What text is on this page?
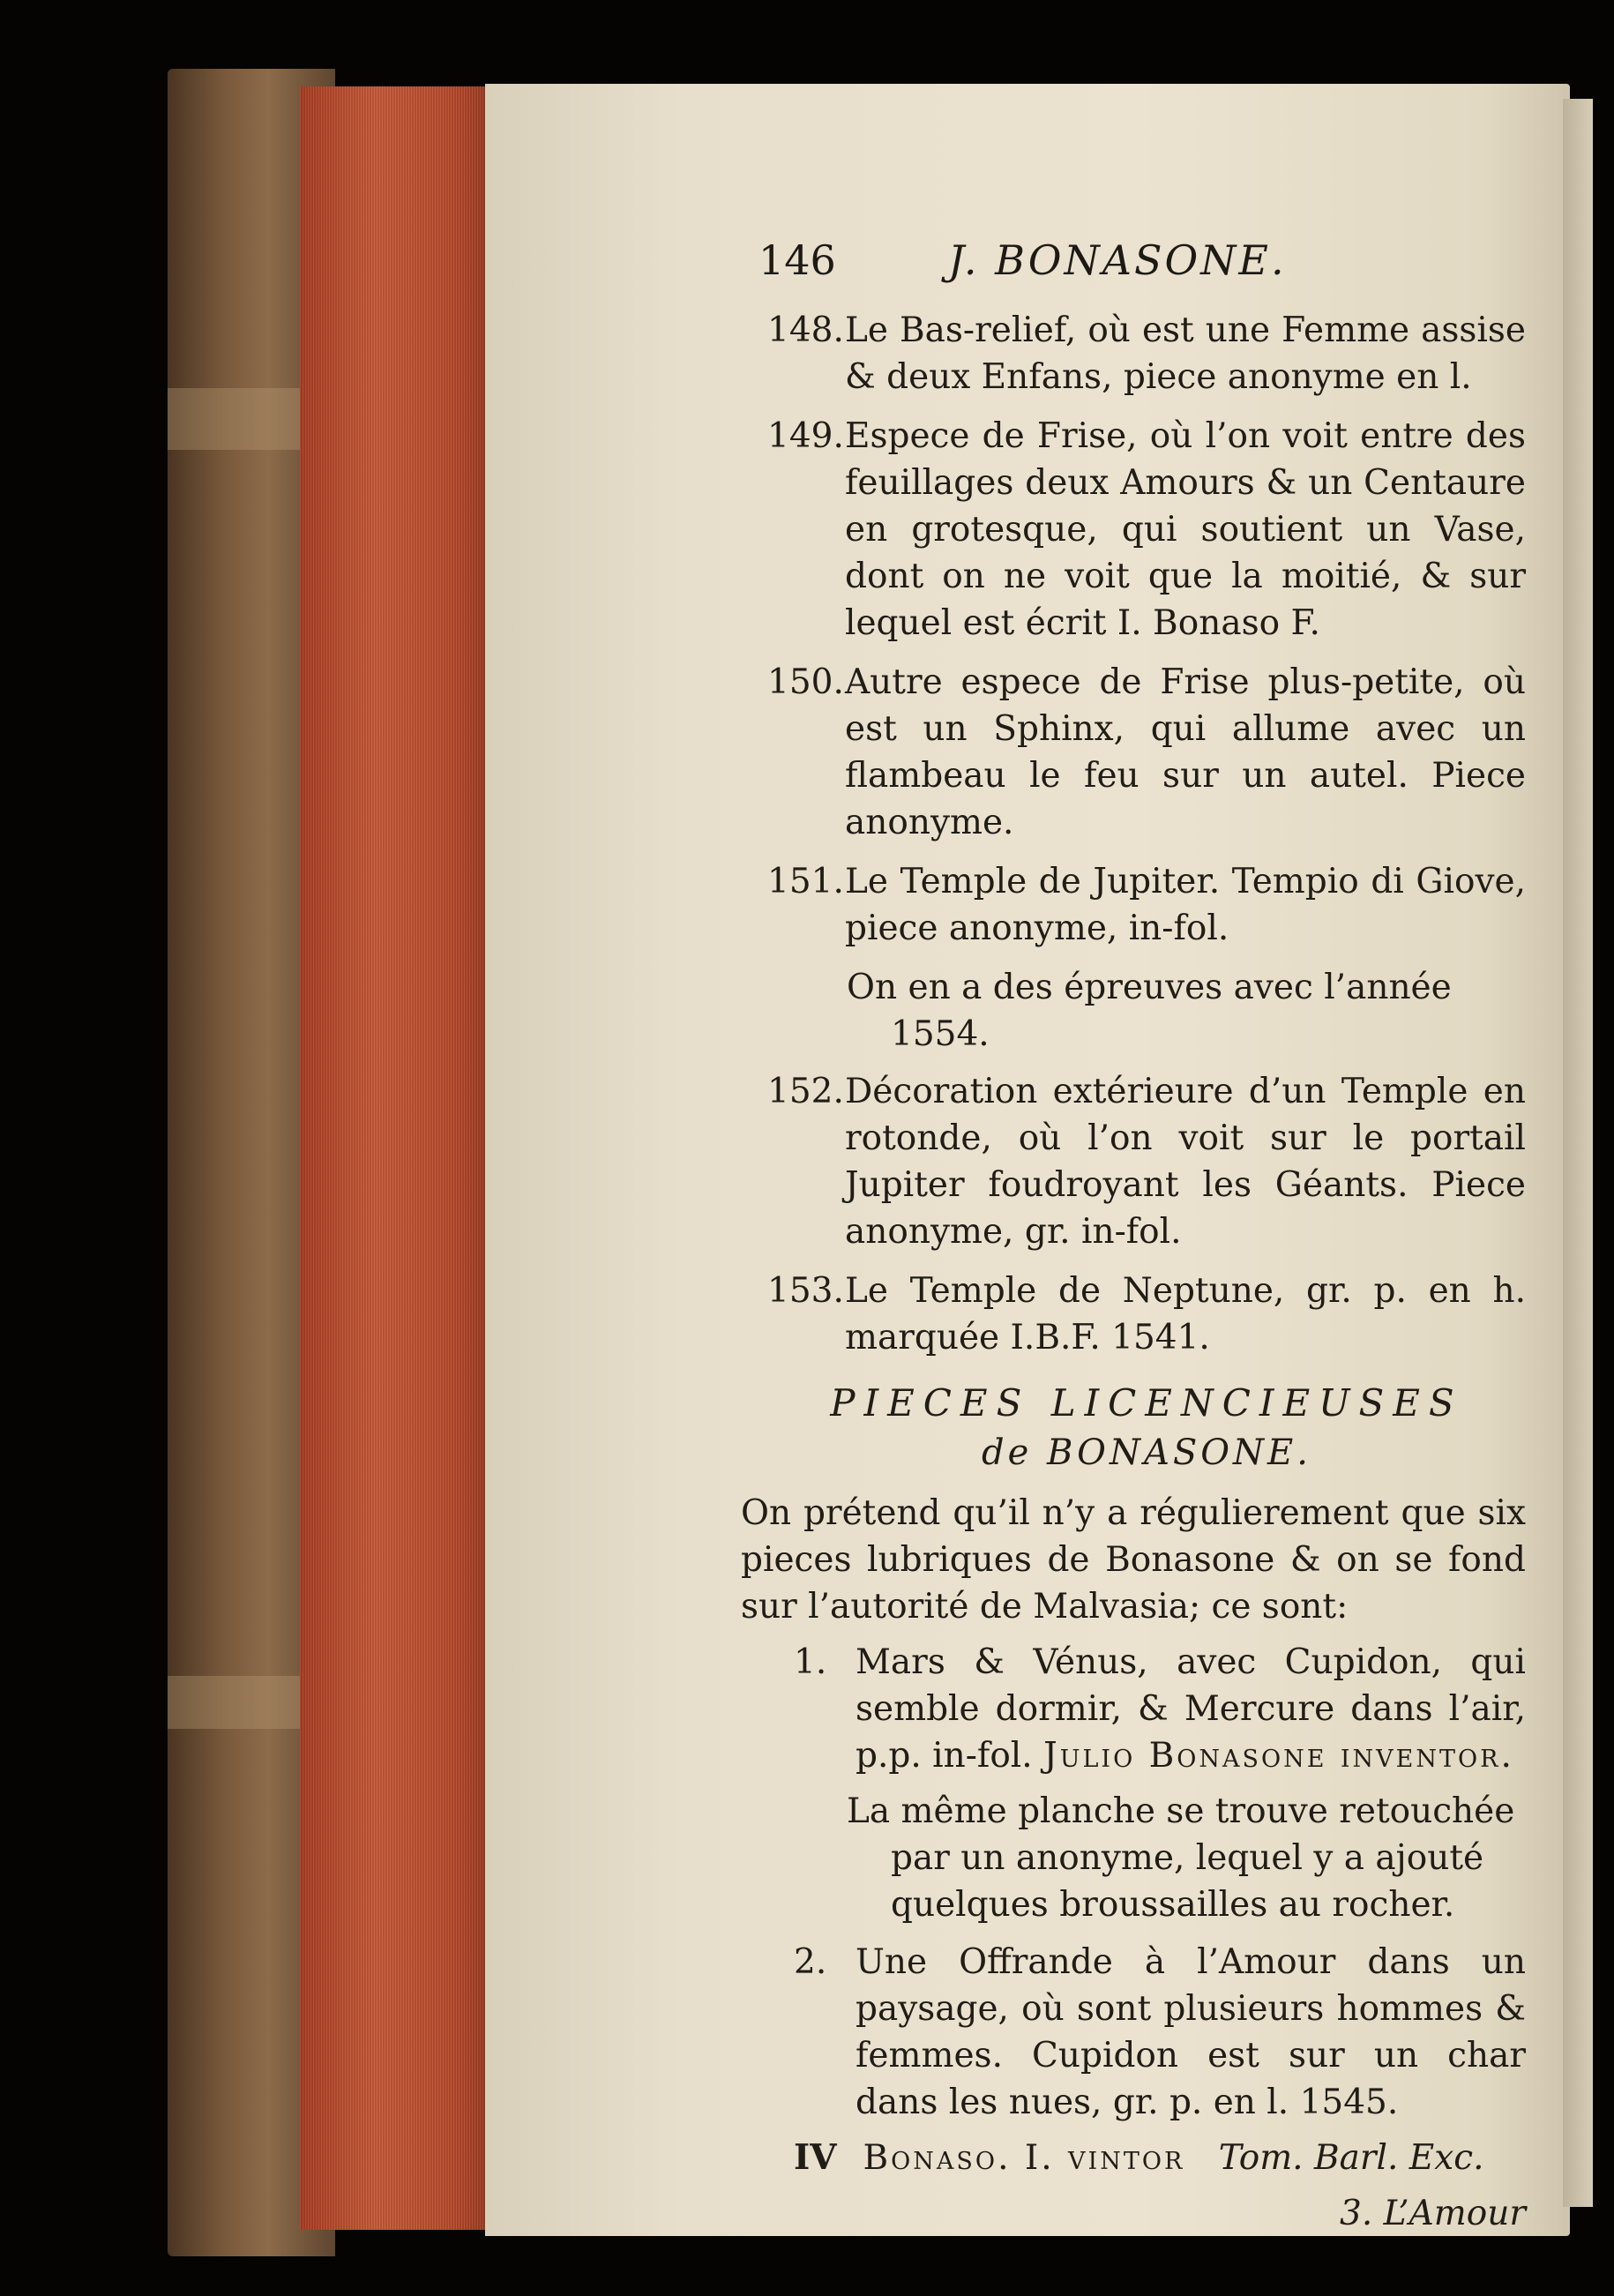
146	J. BONASONE.

148.Le Bas-relief, où est une Femme assise & deux Enfans, piece anonyme en l.

149.Espece de Frise, où l’on voit entre des feuillages deux Amours & un Centaure en grotesque, qui soutient un Vase, dont on ne voit que la moitié, & sur lequel est écrit I. Bonaso F.

150.Autre espece de Frise plus-petite, où est un Sphinx, qui allume avec un flambeau le feu sur un autel. Piece anonyme.

151.Le Temple de Jupiter. Tempio di Giove, piece anonyme, in-fol.

On en a des épreuves avec l’année 1554.

152.Décoration extérieure d’un Temple en rotonde, où l’on voit sur le portail Jupiter foudroyant les Géants. Piece anonyme, gr. in-fol.

153.Le Temple de Neptune, gr. p. en h. marquée I.B.F. 1541.

PIECES LICENCIEUSES
de BONASONE.

On prétend qu’il n’y a régulierement que six pieces lubriques de Bonasone & on se fond sur l’autorité de Malvasia; ce sont:

1. Mars & Vénus, avec Cupidon, qui semble dormir, & Mercure dans l’air, p.p. in-fol. Julio Bonasone inventor.

La même planche se trouve retouchée par un anonyme, lequel y a ajouté quelques broussailles au rocher.

2. Une Offrande à l’Amour dans un paysage, où sont plusieurs hommes & femmes. Cupidon est sur un char dans les nues, gr. p. en l. 1545.

IV Bonaso. I. vintor Tom. Barl. Exc.

3. L’Amour
